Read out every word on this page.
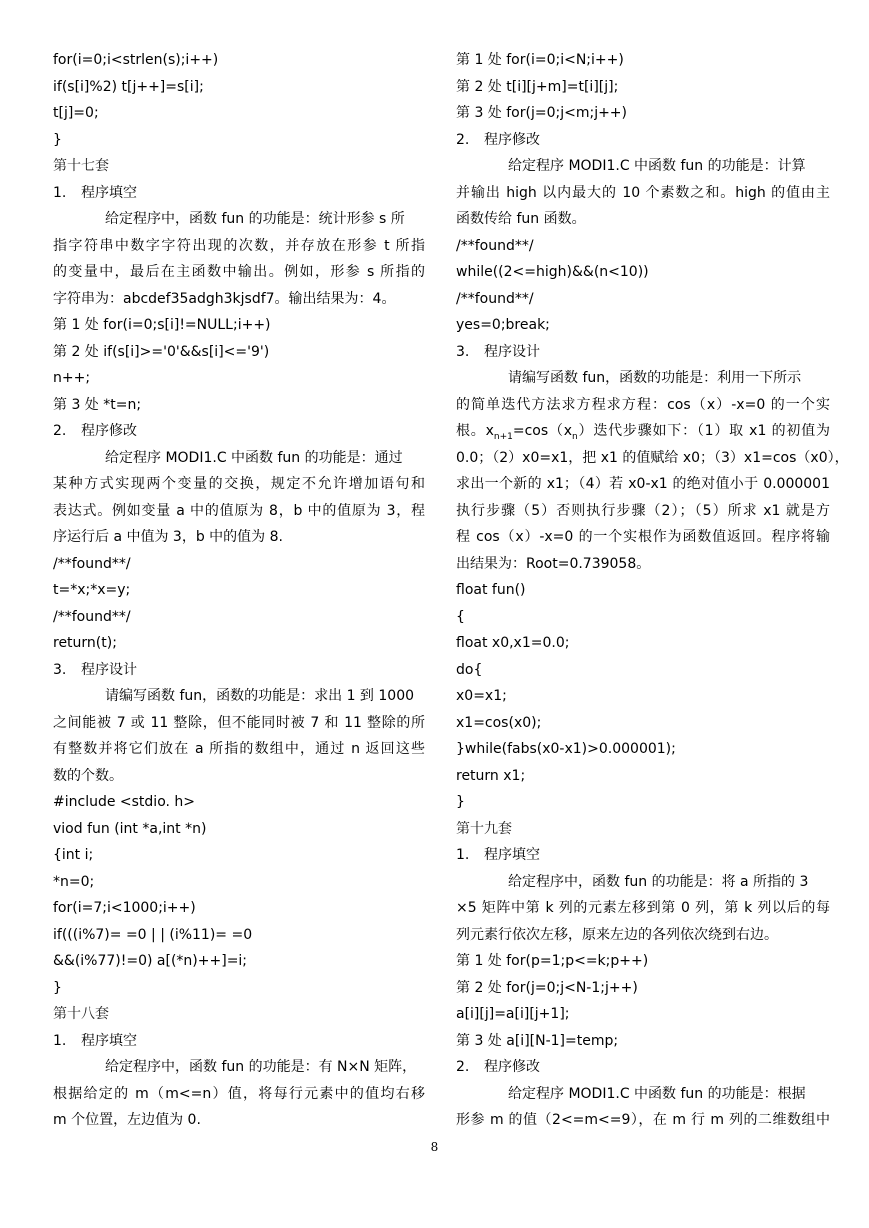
for(i=0;i<strlen(s);i++)
if(s[i]%2) t[j++]=s[i];
t[j]=0;
}
第十七套
1. 程序填空
给定程序中，函数 fun 的功能是：统计形参 s 所
指字符串中数字字符出现的次数，并存放在形参 t 所指
的变量中，最后在主函数中输出。例如，形参 s 所指的
字符串为：abcdef35adgh3kjsdf7。输出结果为：4。
第 1 处 for(i=0;s[i]!=NULL;i++)
第 2 处 if(s[i]>='0'&&s[i]<='9')
n++;
第 3 处 *t=n;
2. 程序修改
给定程序 MODI1.C 中函数 fun 的功能是：通过
某种方式实现两个变量的交换，规定不允许增加语句和
表达式。例如变量 a 中的值原为 8，b 中的值原为 3，程
序运行后 a 中值为 3，b 中的值为 8.
/**found**/
t=*x;*x=y;
/**found**/
return(t);
3. 程序设计
请编写函数 fun，函数的功能是：求出 1 到 1000
之间能被 7 或 11 整除，但不能同时被 7 和 11 整除的所
有整数并将它们放在 a 所指的数组中，通过 n 返回这些
数的个数。
#include <stdio. h>
viod fun (int *a,int *n)
{int i;
*n=0;
for(i=7;i<1000;i++)
if(((i%7)= =0 | | (i%11)= =0
&&(i%77)!=0) a[(*n)++]=i;
}
第十八套
1. 程序填空
给定程序中，函数 fun 的功能是：有 N×N 矩阵，
根据给定的 m（m<=n）值，将每行元素中的值均右移
m 个位置，左边值为 0.
第 1 处 for(i=0;i<N;i++)
第 2 处 t[i][j+m]=t[i][j];
第 3 处 for(j=0;j<m;j++)
2. 程序修改
给定程序 MODI1.C 中函数 fun 的功能是：计算
并输出 high 以内最大的 10 个素数之和。high 的值由主
函数传给 fun 函数。
/**found**/
while((2<=high)&&(n<10))
/**found**/
yes=0;break;
3. 程序设计
请编写函数 fun，函数的功能是：利用一下所示
的简单迭代方法求方程求方程：cos（x）-x=0 的一个实
根。$x_{n+1}=\cos(x_n)$迭代步骤如下：（1）取 x1 的初值为
0.0；（2）x0=x1，把 x1 的值赋给 x0；（3）x1=cos（x0），
求出一个新的 x1；（4）若 x0-x1 的绝对值小于 0.000001
执行步骤（5）否则执行步骤（2）；（5）所求 x1 就是方
程 cos（x）-x=0 的一个实根作为函数值返回。程序将输
出结果为：Root=0.739058。
float fun()
{
float x0,x1=0.0;
do{
x0=x1;
x1=cos(x0);
}while(fabs(x0-x1)>0.000001);
return x1;
}
第十九套
1. 程序填空
给定程序中，函数 fun 的功能是：将 a 所指的 3
×5 矩阵中第 k 列的元素左移到第 0 列，第 k 列以后的每
列元素行依次左移，原来左边的各列依次绕到右边。
第 1 处 for(p=1;p<=k;p++)
第 2 处 for(j=0;j<N-1;j++)
a[i][j]=a[i][j+1];
第 3 处 a[i][N-1]=temp;
2. 程序修改
给定程序 MODI1.C 中函数 fun 的功能是：根据
形参 m 的值（2<=m<=9），在 m 行 m 列的二维数组中
8
